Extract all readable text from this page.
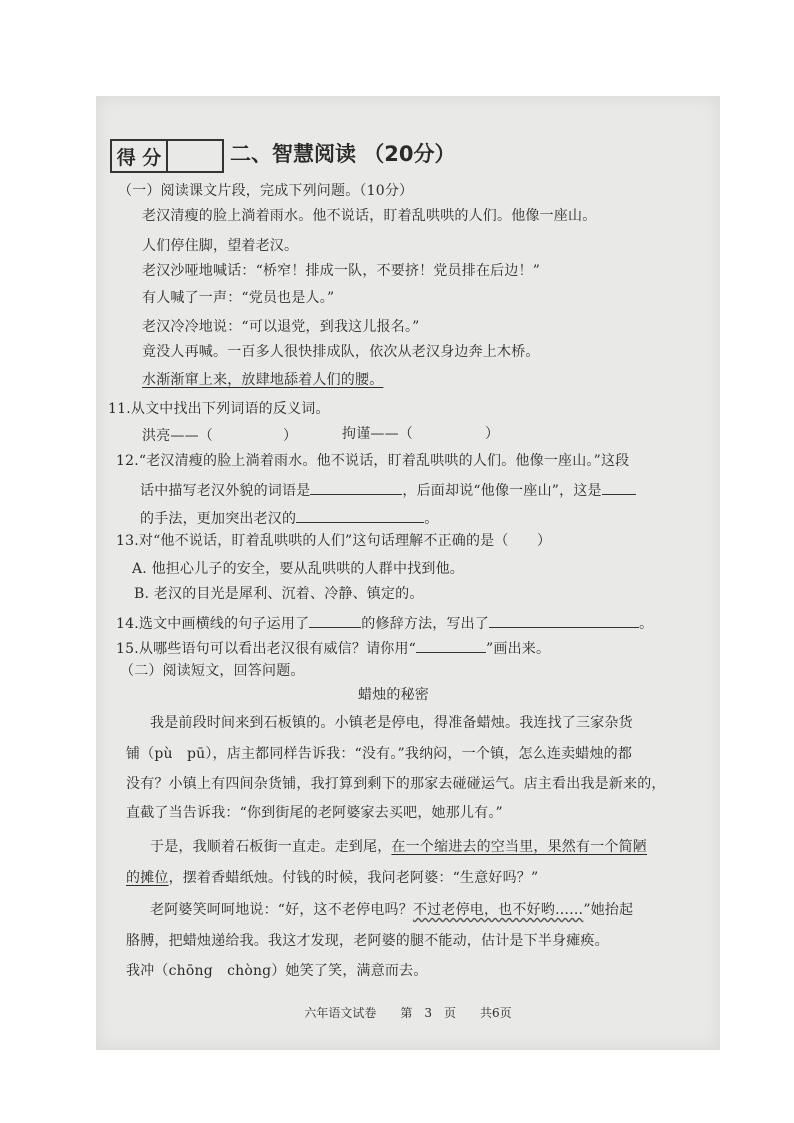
得 分	二、智慧阅读 （20分）
（一）阅读课文片段，完成下列问题。（10分）
老汉清瘦的脸上淌着雨水。他不说话，盯着乱哄哄的人们。他像一座山。
人们停住脚，望着老汉。
老汉沙哑地喊话：“桥窄！排成一队，不要挤！党员排在后边！”
有人喊了一声：“党员也是人。”
老汉冷冷地说：“可以退党，到我这儿报名。”
竟没人再喊。一百多人很快排成队，依次从老汉身边奔上木桥。
水渐渐窜上来，放肆地舔着人们的腰。
11.从文中找出下列词语的反义词。
洪亮——（	）	拘谨——（	）
12.“老汉清瘦的脸上淌着雨水。他不说话，盯着乱哄哄的人们。他像一座山。”这段
话中描写老汉外貌的词语是	，后面却说“他像一座山”，这是
的手法，更加突出老汉的	。
13.对“他不说话，盯着乱哄哄的人们”这句话理解不正确的是（　　）
A. 他担心儿子的安全，要从乱哄哄的人群中找到他。
B. 老汉的目光是犀利、沉着、冷静、镇定的。
14.选文中画横线的句子运用了	的修辞方法，写出了	。
15.从哪些语句可以看出老汉很有威信？请你用“	”画出来。
（二）阅读短文，回答问题。
蜡烛的秘密
我是前段时间来到石板镇的。小镇老是停电，得准备蜡烛。我连找了三家杂货
铺（pù　pū），店主都同样告诉我：“没有。”我纳闷，一个镇，怎么连卖蜡烛的都
没有？小镇上有四间杂货铺，我打算到剩下的那家去碰碰运气。店主看出我是新来的，
直截了当告诉我：“你到街尾的老阿婆家去买吧，她那儿有。”
于是，我顺着石板街一直走。走到尾，在一个缩进去的空当里，果然有一个简陋
的摊位，摆着香蜡纸烛。付钱的时候，我问老阿婆：“生意好吗？”
老阿婆笑呵呵地说：“好，这不老停电吗？不过老停电，也不好哟……”她抬起
胳膊，把蜡烛递给我。我这才发现，老阿婆的腿不能动，估计是下半身瘫痪。
我冲（chōng　chòng）她笑了笑，满意而去。
六年语文试卷　　第　3　页　　共6页
